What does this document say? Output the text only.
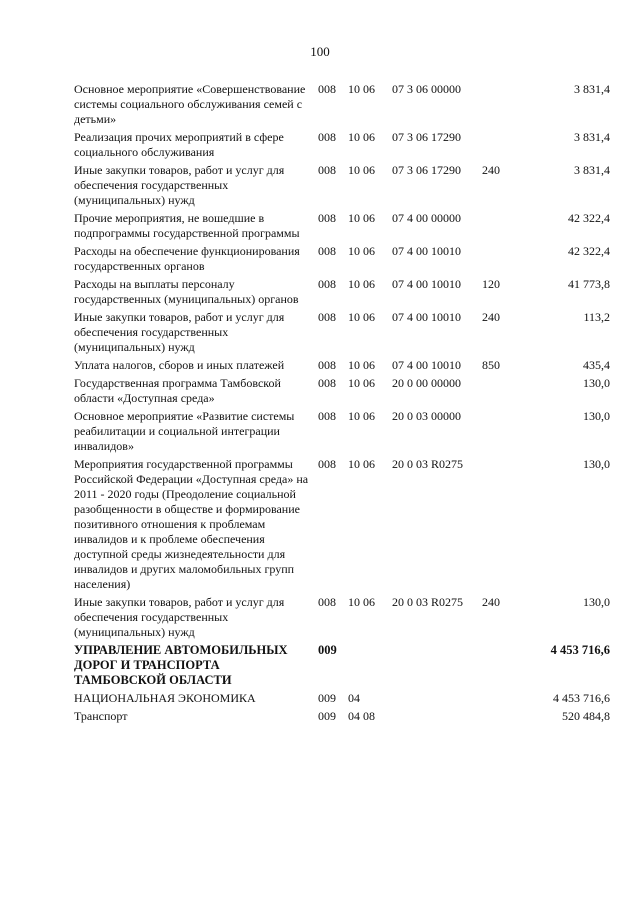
100
Основное мероприятие «Совершенствование системы социального обслуживания семей с детьми»	008	10 06	07 3 06 00000		3 831,4
Реализация прочих мероприятий в сфере социального обслуживания	008	10 06	07 3 06 17290		3 831,4
Иные закупки товаров, работ и услуг для обеспечения государственных (муниципальных) нужд	008	10 06	07 3 06 17290	240	3 831,4
Прочие мероприятия, не вошедшие в подпрограммы государственной программы	008	10 06	07 4 00 00000		42 322,4
Расходы на обеспечение функционирования государственных органов	008	10 06	07 4 00 10010		42 322,4
Расходы на выплаты персоналу государственных (муниципальных) органов	008	10 06	07 4 00 10010	120	41 773,8
Иные закупки товаров, работ и услуг для обеспечения государственных (муниципальных) нужд	008	10 06	07 4 00 10010	240	113,2
Уплата налогов, сборов и иных платежей	008	10 06	07 4 00 10010	850	435,4
Государственная программа Тамбовской области «Доступная среда»	008	10 06	20 0 00 00000		130,0
Основное мероприятие «Развитие системы реабилитации и социальной интеграции инвалидов»	008	10 06	20 0 03 00000		130,0
Мероприятия государственной программы Российской Федерации «Доступная среда» на 2011 - 2020 годы (Преодоление социальной разобщенности в обществе и формирование позитивного отношения к проблемам инвалидов и к проблеме обеспечения доступной среды жизнедеятельности для инвалидов и других маломобильных групп населения)	008	10 06	20 0 03 R0275		130,0
Иные закупки товаров, работ и услуг для обеспечения государственных (муниципальных) нужд	008	10 06	20 0 03 R0275	240	130,0
УПРАВЛЕНИЕ АВТОМОБИЛЬНЫХ ДОРОГ И ТРАНСПОРТА ТАМБОВСКОЙ ОБЛАСТИ	009				4 453 716,6
НАЦИОНАЛЬНАЯ ЭКОНОМИКА	009	04			4 453 716,6
Транспорт	009	04 08			520 484,8
